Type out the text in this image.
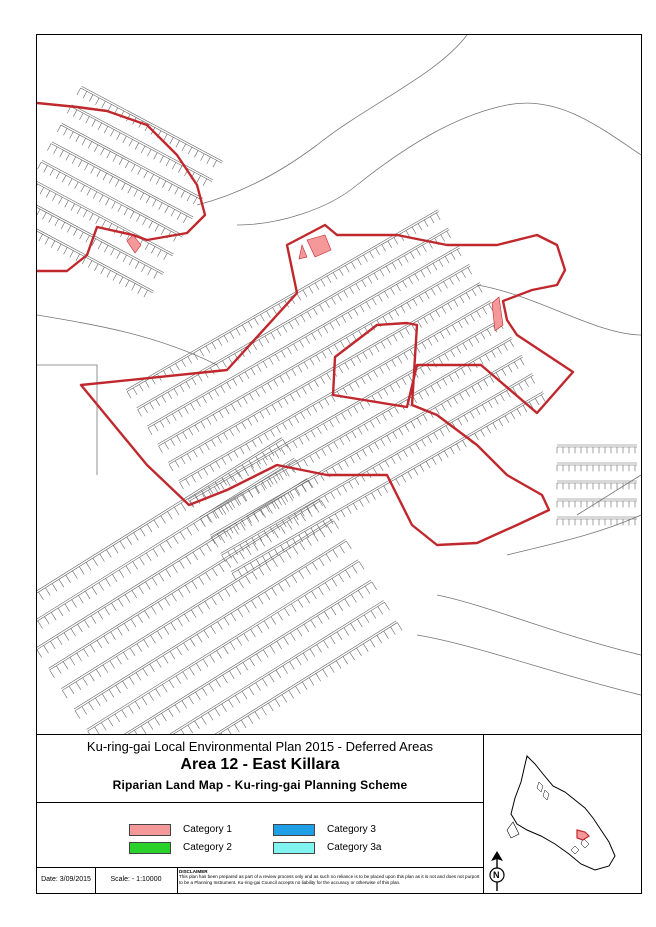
Ku-ring-gai Local Environmental Plan 2015 - Deferred Areas
Area 12 - East Killara
Riparian Land Map - Ku-ring-gai Planning Scheme
Category 1
Category 2
Category 3
Category 3a
Date: 3/09/2015	Scale: - 1:10000
DISCLAIMER
This plan has been prepared as part of a review process only and as such no reliance is to be placed upon this plan as it is not and does not purport to be a Planning Instrument. Ku-ring-gai Council accepts no liability for the accuracy or otherwise of this plan.
N
